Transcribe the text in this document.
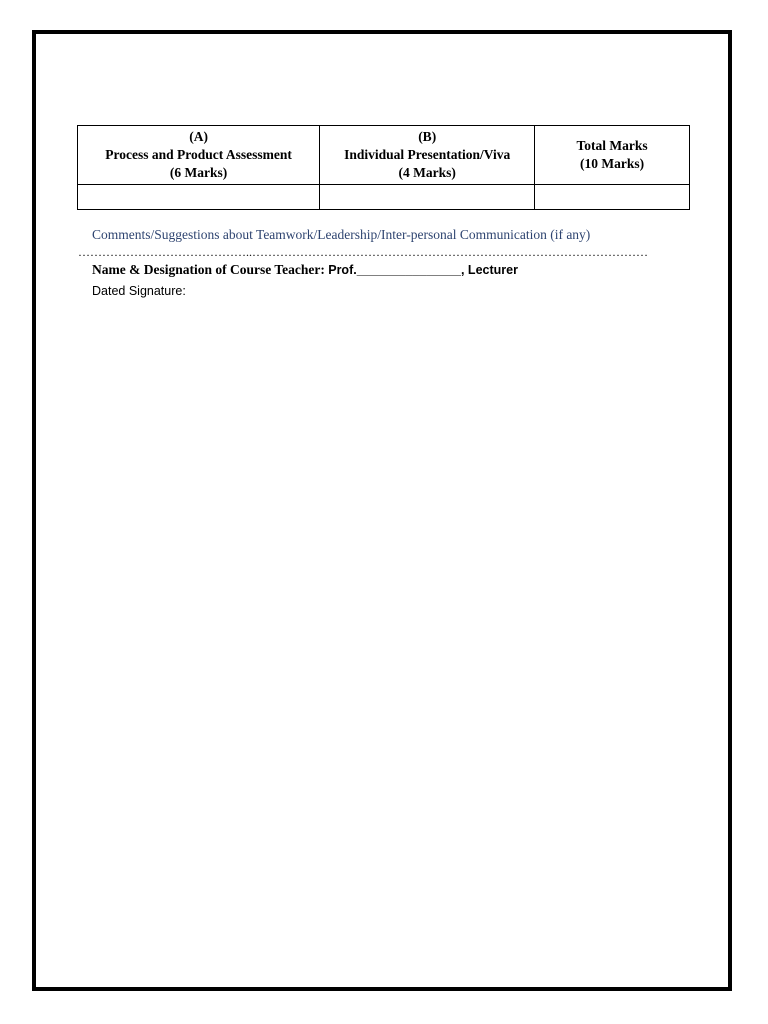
(A)
Process and Product Assessment
(6 Marks)	(B)
Individual Presentation/Viva
(4 Marks)	Total Marks
(10 Marks)

Comments/Suggestions about Teamwork/Leadership/Inter-personal Communication (if any)
……………………………………..………………………………………………………………………………………
Name & Designation of Course Teacher: Prof._______________, Lecturer
Dated Signature:
